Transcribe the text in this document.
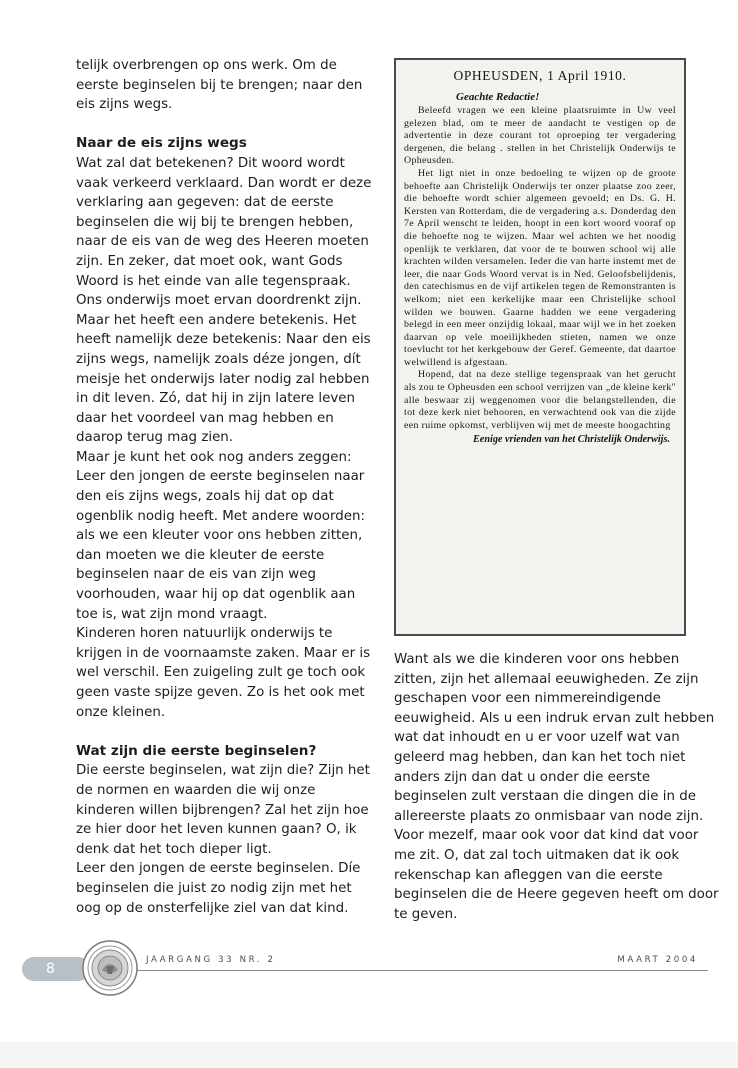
telijk overbrengen op ons werk. Om de eerste beginselen bij te brengen; naar den eis zijns wegs.

Naar de eis zijns wegs

Wat zal dat betekenen? Dit woord wordt vaak verkeerd verklaard. Dan wordt er deze verklaring aan gegeven: dat de eerste beginselen die wij bij te brengen hebben, naar de eis van de weg des Heeren moeten zijn. En zeker, dat moet ook, want Gods Woord is het einde van alle tegenspraak. Ons onderwijs moet ervan doordrenkt zijn.

Maar het heeft een andere betekenis. Het heeft namelijk deze betekenis: Naar den eis zijns wegs, namelijk zoals déze jongen, dít meisje het onderwijs later nodig zal hebben in dit leven. Zó, dat hij in zijn latere leven daar het voordeel van mag hebben en daarop terug mag zien.

Maar je kunt het ook nog anders zeggen: Leer den jongen de eerste beginselen naar den eis zijns wegs, zoals hij dat op dat ogenblik nodig heeft. Met andere woorden: als we een kleuter voor ons hebben zitten, dan moeten we die kleuter de eerste beginselen naar de eis van zijn weg voorhouden, waar hij op dat ogenblik aan toe is, wat zijn mond vraagt.

Kinderen horen natuurlijk onderwijs te krijgen in de voornaamste zaken. Maar er is wel verschil. Een zuigeling zult ge toch ook geen vaste spijze geven. Zo is het ook met onze kleinen.

Wat zijn die eerste beginselen?

Die eerste beginselen, wat zijn die? Zijn het de normen en waarden die wij onze kinderen willen bijbrengen? Zal het zijn hoe ze hier door het leven kunnen gaan? O, ik denk dat het toch dieper ligt.

Leer den jongen de eerste beginselen. Díe beginselen die juist zo nodig zijn met het oog op de onsterfelijke ziel van dat kind.

OPHEUSDEN, 1 April 1910.
Geachte Redactie!

Beleefd vragen we een kleine plaatsruimte in Uw veel gelezen blad, om te meer de aandacht te vestigen op de advertentie in deze courant tot oproeping ter vergadering dergenen, die belang . stellen in het Christelijk Onderwijs te Opheusden.

Het ligt niet in onze bedoeling te wijzen op de groote behoefte aan Christelijk Onderwijs ter onzer plaatse zoo zeer, die behoefte wordt schier algemeen gevoeld; en Ds. G. H. Kersten van Rotterdam, die de vergadering a.s. Donderdag den 7e April wenscht te leiden, hoopt in een kort woord vooraf op die behoefte nog te wijzen. Maar wel achten we het noodig openlijk te verklaren, dat voor de te bouwen school wij alle krachten wilden versamelen. Ieder die van harte instemt met de leer, die naar Gods Woord vervat is in Ned. Geloofsbelijdenis, den catechismus en de vijf artikelen tegen de Remonstranten is welkom; niet een kerkelijke maar een Christelijke school wilden we bouwen. Gaarne hadden we eene vergadering belegd in een meer onzijdig lokaal, maar wijl we in het zoeken daarvan op vele moeilijkheden stieten, namen we onze toevlucht tot het kerkgebouw der Geref. Gemeente, dat daartoe welwillend is afgestaan.

Hopend, dat na deze stellige tegenspraak van het gerucht als zou te Opheusden een school verrijzen van „de kleine kerk" alle beswaar zij weggenomen voor die belangstellenden, die tot deze kerk niet behooren, en verwachtend ook van die zijde een ruime opkomst, verblijven wij met de meeste hoogachting

Eenige vrienden van het Christelijk Onderwijs.

Want als we die kinderen voor ons hebben zitten, zijn het allemaal eeuwigheden. Ze zijn geschapen voor een nimmereindigende eeuwigheid. Als u een indruk ervan zult hebben wat dat inhoudt en u er voor uzelf wat van geleerd mag hebben, dan kan het toch niet anders zijn dan dat u onder die eerste beginselen zult verstaan die dingen die in de allereerste plaats zo onmisbaar van node zijn. Voor mezelf, maar ook voor dat kind dat voor me zit. O, dat zal toch uitmaken dat ik ook rekenschap kan afleggen van die eerste beginselen die de Heere gegeven heeft om door te geven.

8
JAARGANG 33 NR. 2	MAART 2004
